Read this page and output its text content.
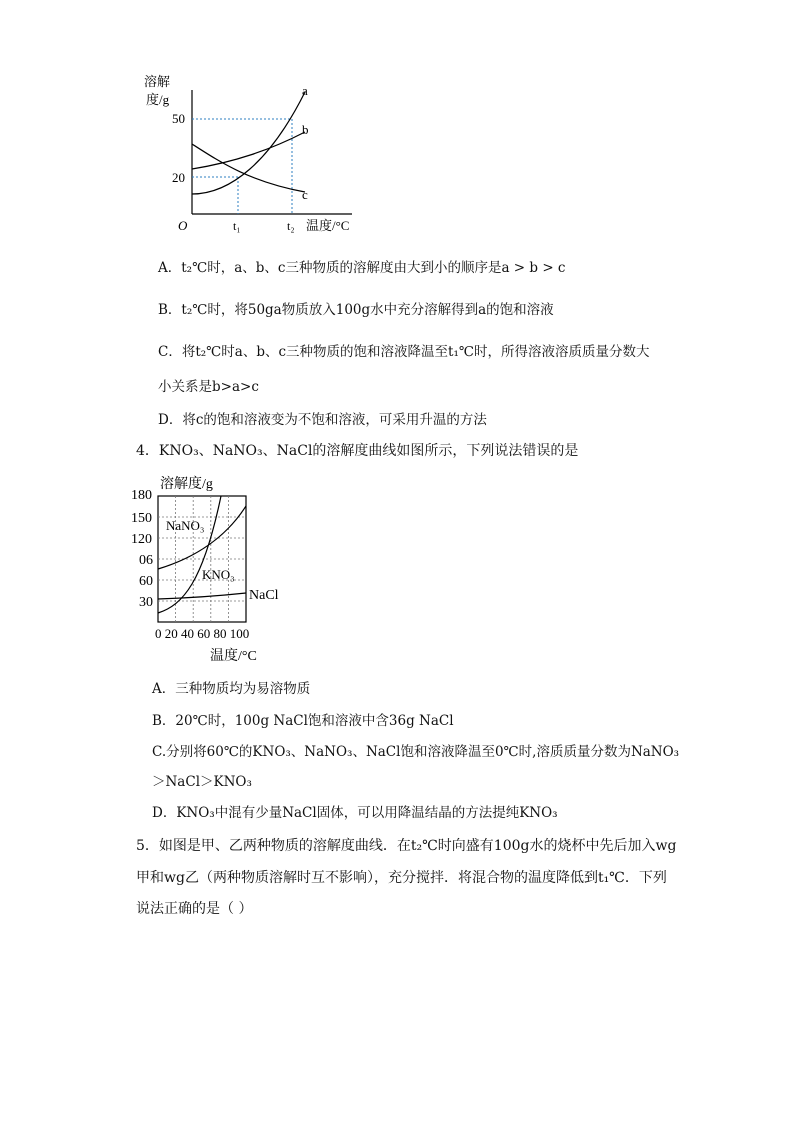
溶解
度/g
50
20
O	t₁	t₂ 温度/°C
a
b
c
A．t₂℃时，a、b、c三种物质的溶解度由大到小的顺序是a > b > c
B．t₂℃时，将50ga物质放入100g水中充分溶解得到a的饱和溶液
C．将t₂℃时a、b、c三种物质的饱和溶液降温至t₁℃时，所得溶液溶质质量分数大
小关系是b>a>c
D．将c的饱和溶液变为不饱和溶液，可采用升温的方法
4．KNO₃、NaNO₃、NaCl的溶解度曲线如图所示，下列说法错误的是
溶解度/g
180
150
120
06
60
30
NaNO₃
KNO₃
NaCl
0 20 40 60 80 100
温度/°C
A．三种物质均为易溶物质
B．20℃时，100g NaCl饱和溶液中含36g NaCl
C.分别将60℃的KNO₃、NaNO₃、NaCl饱和溶液降温至0℃时,溶质质量分数为NaNO₃
＞NaCl＞KNO₃
D．KNO₃中混有少量NaCl固体，可以用降温结晶的方法提纯KNO₃
5．如图是甲、乙两种物质的溶解度曲线．在t₂℃时向盛有100g水的烧杯中先后加入wg
甲和wg乙（两种物质溶解时互不影响），充分搅拌．将混合物的温度降低到t₁℃．下列
说法正确的是（ ）
